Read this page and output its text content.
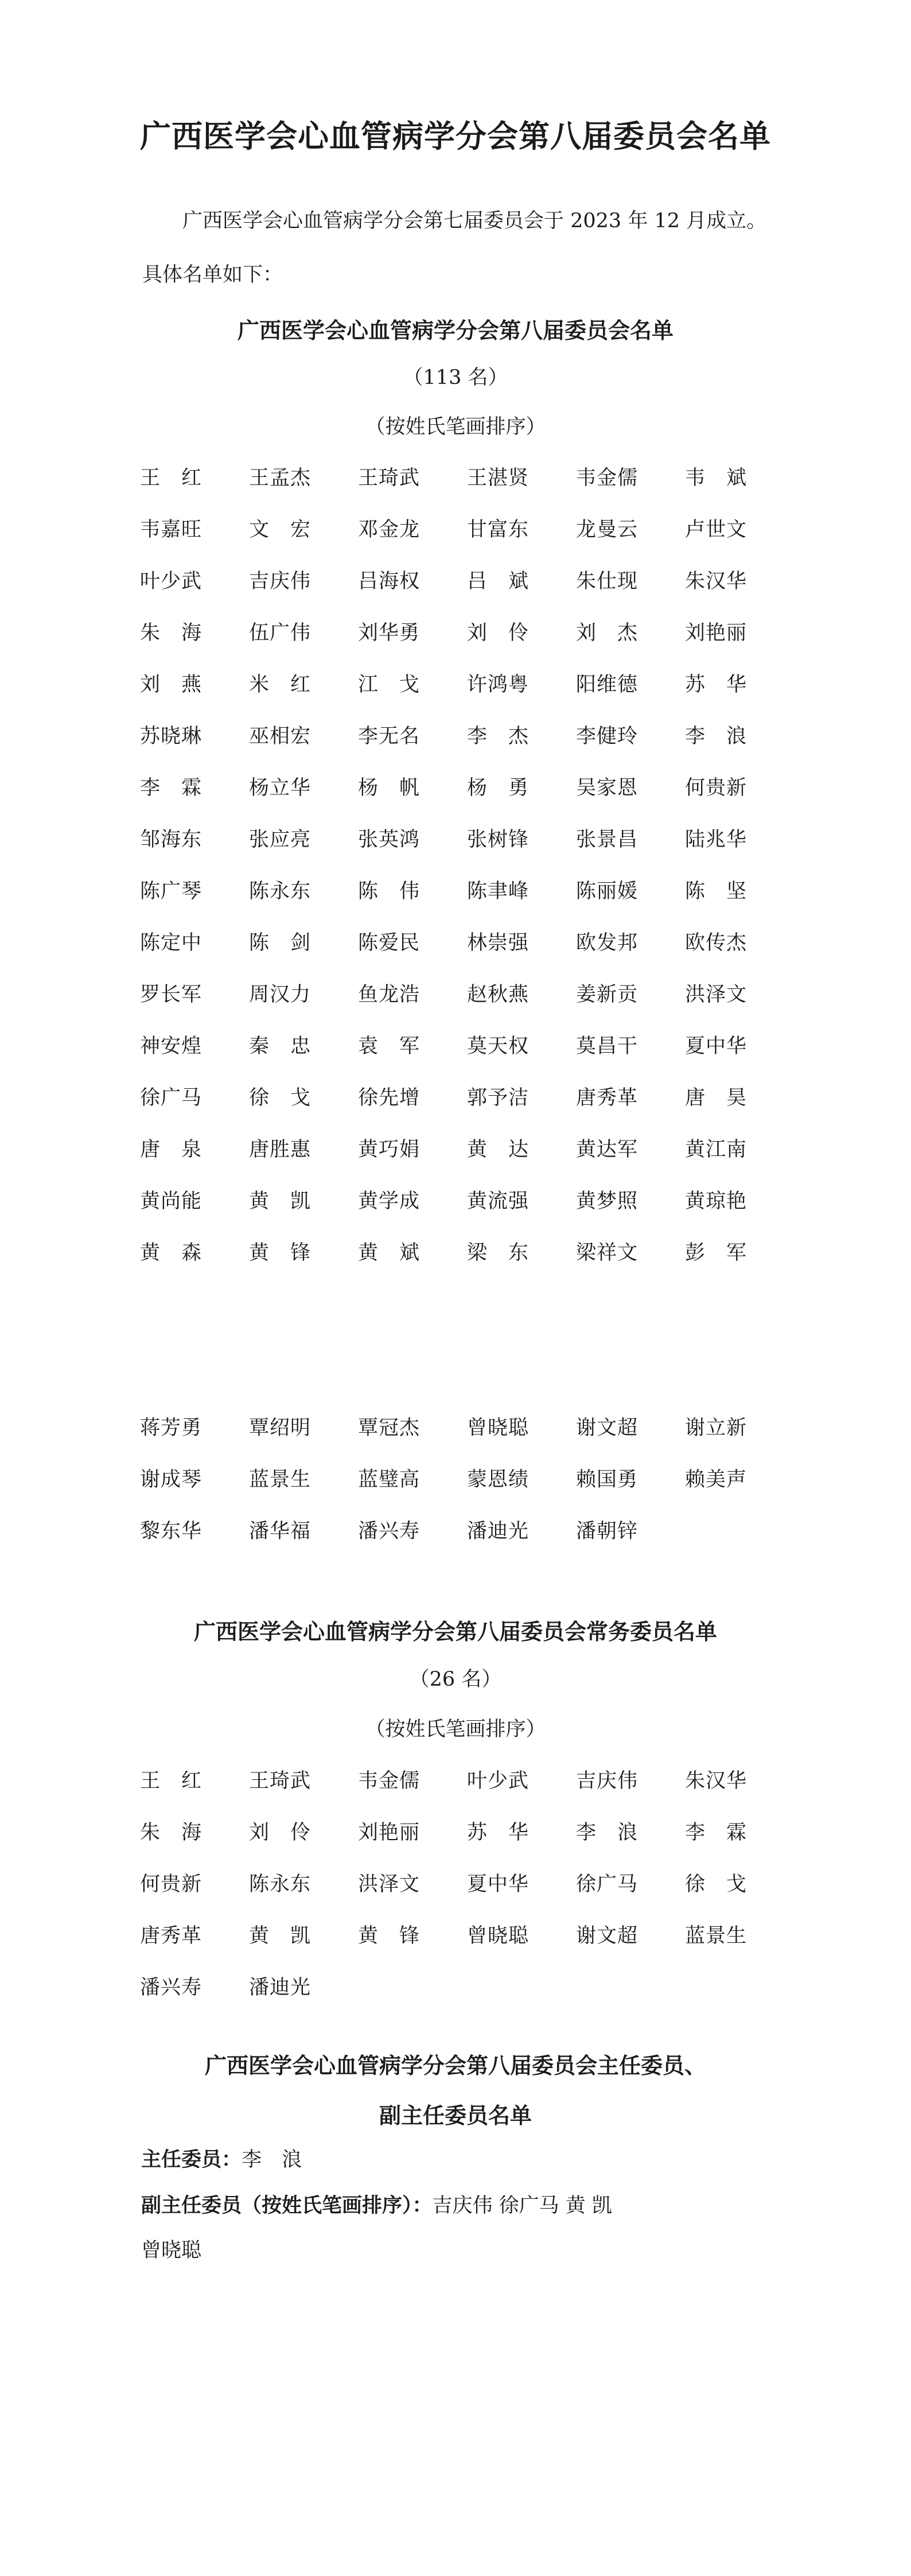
广西医学会心血管病学分会第八届委员会名单
广西医学会心血管病学分会第七届委员会于 2023 年 12 月成立。具体名单如下：
广西医学会心血管病学分会第八届委员会名单
（113 名）
（按姓氏笔画排序）
王　红	王孟杰	王琦武	王湛贤	韦金儒	韦　斌
韦嘉旺	文　宏	邓金龙	甘富东	龙曼云	卢世文
叶少武	吉庆伟	吕海权	吕　斌	朱仕现	朱汉华
朱　海	伍广伟	刘华勇	刘　伶	刘　杰	刘艳丽
刘　燕	米　红	江　戈	许鸿粤	阳维德	苏　华
苏晓琳	巫相宏	李无名	李　杰	李健玲	李　浪
李　霖	杨立华	杨　帆	杨　勇	吴家恩	何贵新
邹海东	张应亮	张英鸿	张树锋	张景昌	陆兆华
陈广琴	陈永东	陈　伟	陈聿峰	陈丽媛	陈　坚
陈定中	陈　剑	陈爱民	林崇强	欧发邦	欧传杰
罗长军	周汉力	鱼龙浩	赵秋燕	姜新贡	洪泽文
神安煌	秦　忠	袁　军	莫天权	莫昌干	夏中华
徐广马	徐　戈	徐先增	郭予洁	唐秀革	唐　昊
唐　泉	唐胜惠	黄巧娟	黄　达	黄达军	黄江南
黄尚能	黄　凯	黄学成	黄流强	黄梦照	黄琼艳
黄　森	黄　锋	黄　斌	梁　东	梁祥文	彭　军
蒋芳勇	覃绍明	覃冠杰	曾晓聪	谢文超	谢立新
谢成琴	蓝景生	蓝璧高	蒙恩绩	赖国勇	赖美声
黎东华	潘华福	潘兴寿	潘迪光	潘朝锌
广西医学会心血管病学分会第八届委员会常务委员名单
（26 名）
（按姓氏笔画排序）
王　红	王琦武	韦金儒	叶少武	吉庆伟	朱汉华
朱　海	刘　伶	刘艳丽	苏　华	李　浪	李　霖
何贵新	陈永东	洪泽文	夏中华	徐广马	徐　戈
唐秀革	黄　凯	黄　锋	曾晓聪	谢文超	蓝景生
潘兴寿	潘迪光
广西医学会心血管病学分会第八届委员会主任委员、
副主任委员名单
主任委员：李　浪
副主任委员（按姓氏笔画排序）：吉庆伟 徐广马 黄 凯
曾晓聪
